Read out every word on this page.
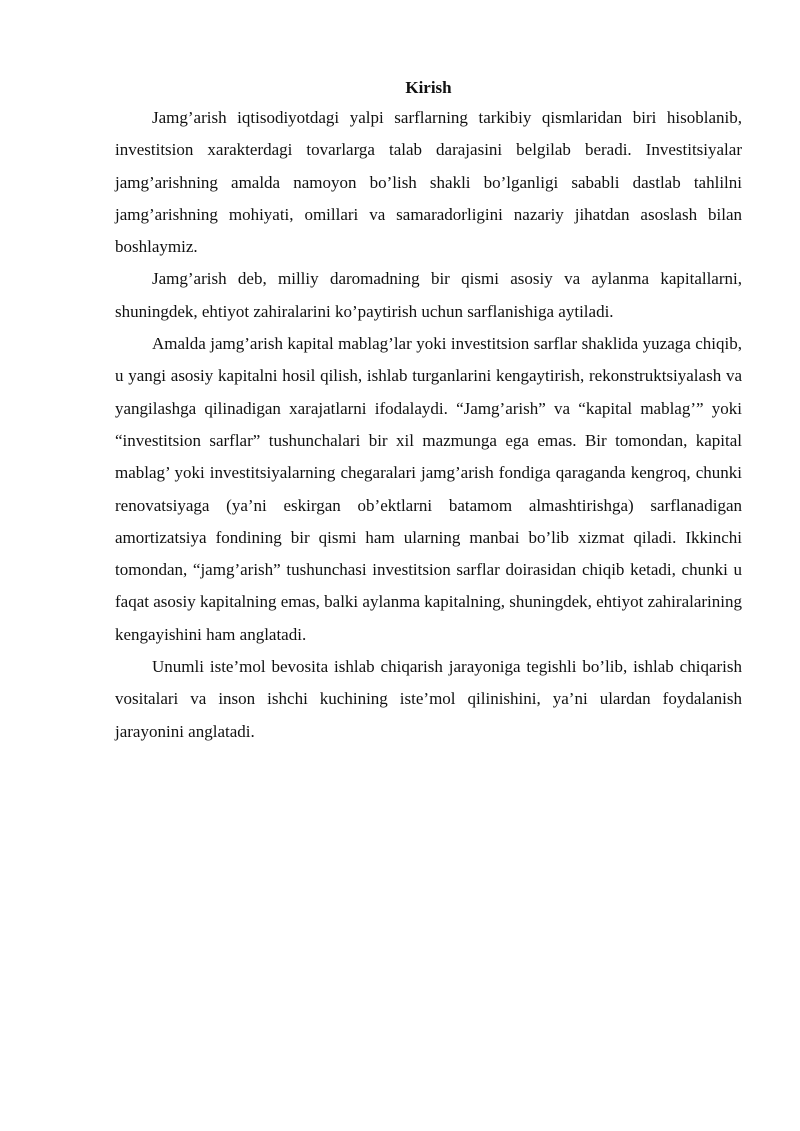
Kirish

Jamg’arish iqtisodiyotdagi yalpi sarflarning tarkibiy qismlaridan biri hisoblanib, investitsion xarakterdagi tovarlarga talab darajasini belgilab beradi. Investitsiyalar jamg’arishning amalda namoyon bo’lish shakli bo’lganligi sababli dastlab tahlilni jamg’arishning mohiyati, omillari va samaradorligini nazariy jihatdan asoslash bilan boshlaymiz.

Jamg’arish deb, milliy daromadning bir qismi asosiy va aylanma kapitallarni, shuningdek, ehtiyot zahiralarini ko’paytirish uchun sarflanishiga aytiladi.

Amalda jamg’arish kapital mablag’lar yoki investitsion sarflar shaklida yuzaga chiqib, u yangi asosiy kapitalni hosil qilish, ishlab turganlarini kengaytirish, rekonstruktsiyalash va yangilashga qilinadigan xarajatlarni ifodalaydi. “Jamg’arish” va “kapital mablag’” yoki “investitsion sarflar” tushunchalari bir xil mazmunga ega emas. Bir tomondan, kapital mablag’ yoki investitsiyalarning chegaralari jamg’arish fondiga qaraganda kengroq, chunki renovatsiyaga (ya’ni eskirgan ob’ektlarni batamom almashtirishga) sarflanadigan amortizatsiya fondining bir qismi ham ularning manbai bo’lib xizmat qiladi. Ikkinchi tomondan, “jamg’arish” tushunchasi investitsion sarflar doirasidan chiqib ketadi, chunki u faqat asosiy kapitalning emas, balki aylanma kapitalning, shuningdek, ehtiyot zahiralarining kengayishini ham anglatadi.

Unumli iste’mol bevosita ishlab chiqarish jarayoniga tegishli bo’lib, ishlab chiqarish vositalari va inson ishchi kuchining iste’mol qilinishini, ya’ni ulardan foydalanish jarayonini anglatadi.
